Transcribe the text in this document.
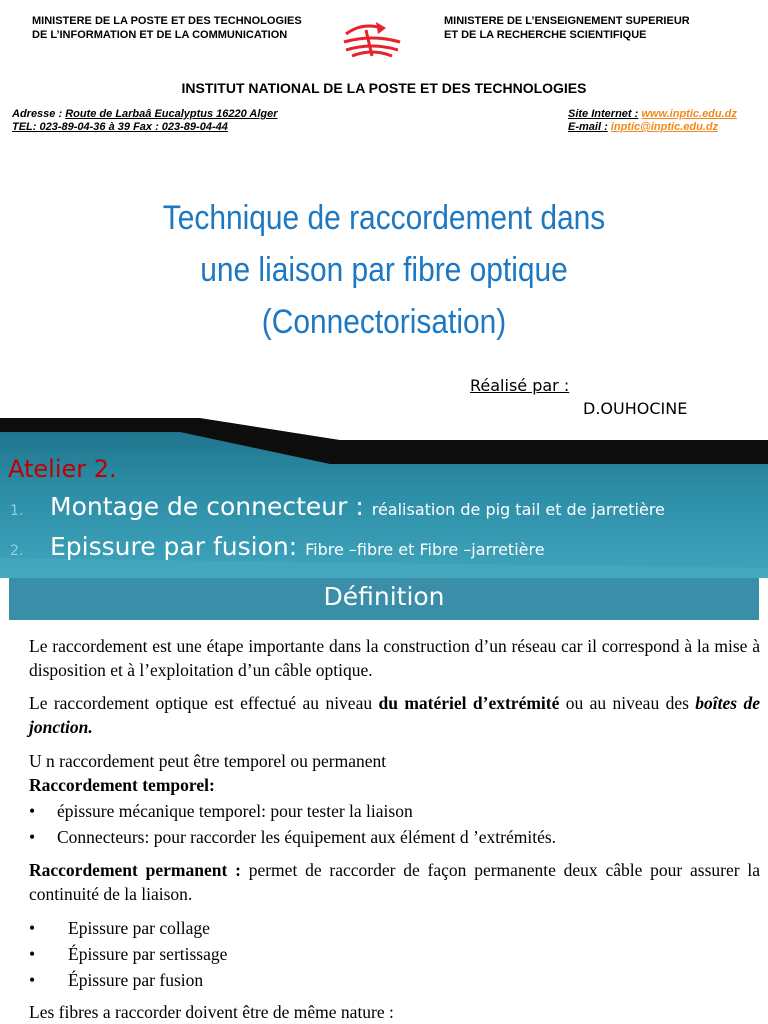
MINISTERE DE LA POSTE ET DES TECHNOLOGIES
DE L’INFORMATION ET DE LA COMMUNICATION
MINISTERE DE L’ENSEIGNEMENT SUPERIEUR
ET DE LA RECHERCHE SCIENTIFIQUE
INSTITUT NATIONAL DE LA POSTE ET DES TECHNOLOGIES
Adresse : Route de Larbaâ Eucalyptus 16220 Alger
TEL: 023-89-04-36 à 39 Fax : 023-89-04-44
Site Internet : www.inptic.edu.dz
E-mail : inptic@inptic.edu.dz
Technique de raccordement dans
une liaison par fibre optique
(Connectorisation)
Réalisé par :
D.OUHOCINE
Atelier 2.
1. Montage de connecteur : réalisation de pig tail et de jarretière
2. Epissure par fusion: Fibre –fibre et Fibre –jarretière
Définition
Le raccordement est une étape importante dans la construction d’un réseau car il correspond à la mise à disposition et à l’exploitation d’un câble optique.
Le raccordement optique est effectué au niveau du matériel d’extrémité ou au niveau des boîtes de jonction.
U n raccordement peut être temporel ou permanent
Raccordement temporel:
• épissure mécanique temporel: pour tester la liaison
• Connecteurs: pour raccorder les équipement aux élément d ’extrémités.
Raccordement permanent : permet de raccorder de façon permanente deux câble pour assurer la continuité de la liaison.
• Epissure par collage
• Épissure par sertissage
• Épissure par fusion
Les fibres a raccorder doivent être de même nature :
